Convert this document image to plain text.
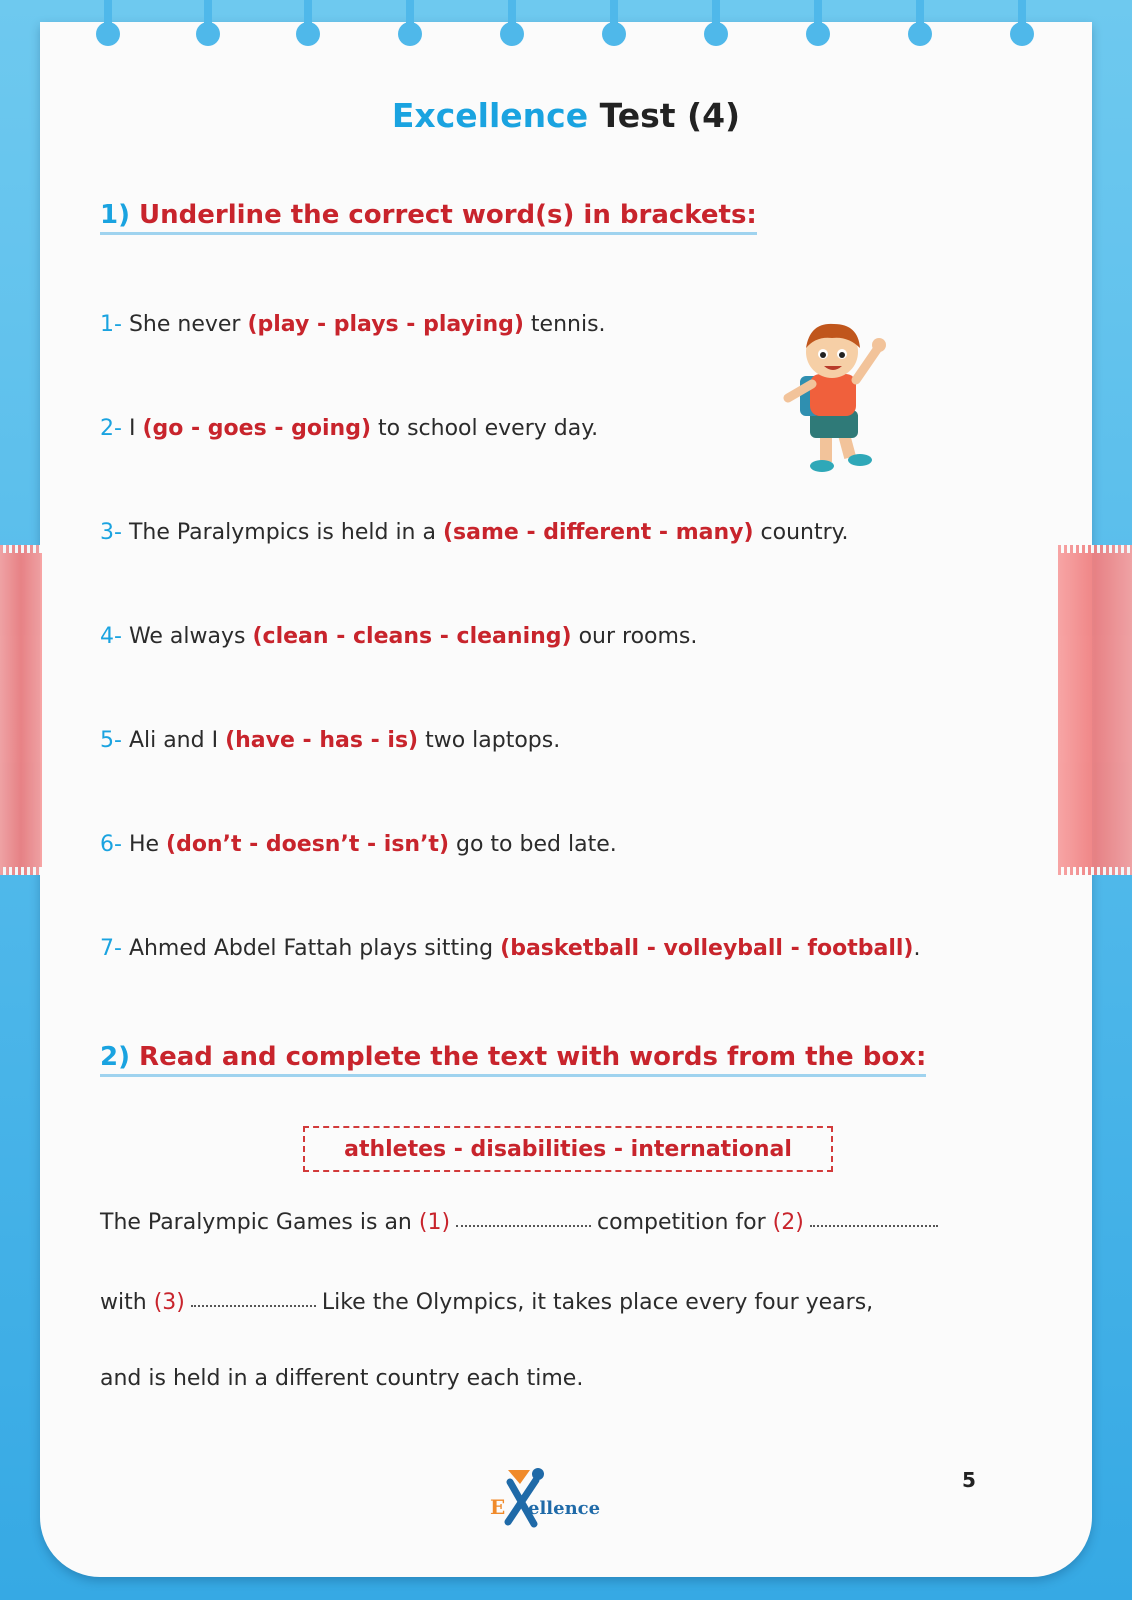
Excellence Test (4)
1) Underline the correct word(s) in brackets:
1- She never (play - plays - playing) tennis.
2- I (go - goes - going) to school every day.
3- The Paralympics is held in a (same - different - many) country.
4- We always (clean - cleans - cleaning) our rooms.
5- Ali and I (have - has - is) two laptops.
6- He (don’t - doesn’t - isn’t) go to bed late.
7- Ahmed Abdel Fattah plays sitting (basketball - volleyball - football).
2) Read and complete the text with words from the box:
athletes - disabilities - international
The Paralympic Games is an (1)	competition for (2)
with (3)	Like the Olympics, it takes place every four years,
and is held in a different country each time.
E ellence
5
